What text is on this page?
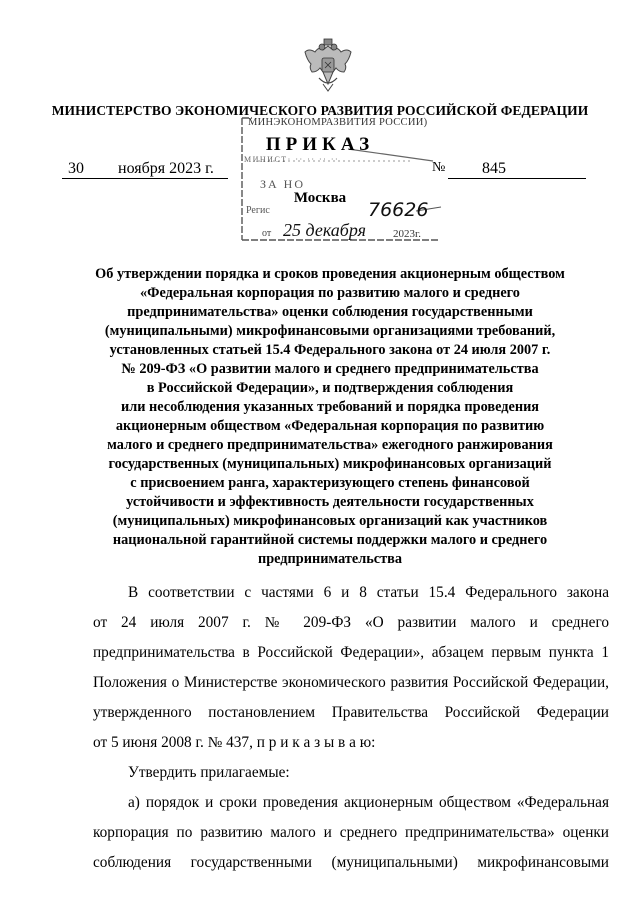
МИНИСТЕРСТВО ЭКОНОМИЧЕСКОГО РАЗВИТИЯ РОССИЙСКОЙ ФЕДЕРАЦИИ
МИНЭКОНОМРАЗВИТИЯ РОССИИ)
МИНИСТ· ·· ·· ·· ··
ЗА НО
Регис	76626
от 25 декабря 2023г.
ПРИКАЗ
30 ноября 2023 г.	№ 845
Москва
Об утверждении порядка и сроков проведения акционерным обществом
«Федеральная корпорация по развитию малого и среднего
предпринимательства» оценки соблюдения государственными
(муниципальными) микрофинансовыми организациями требований,
установленных статьей 15.4 Федерального закона от 24 июля 2007 г.
№ 209-ФЗ «О развитии малого и среднего предпринимательства
в Российской Федерации», и подтверждения соблюдения
или несоблюдения указанных требований и порядка проведения
акционерным обществом «Федеральная корпорация по развитию
малого и среднего предпринимательства» ежегодного ранжирования
государственных (муниципальных) микрофинансовых организаций
с присвоением ранга, характеризующего степень финансовой
устойчивости и эффективность деятельности государственных
(муниципальных) микрофинансовых организаций как участников
национальной гарантийной системы поддержки малого и среднего
предпринимательства
В соответствии с частями 6 и 8 статьи 15.4 Федерального закона
от 24 июля 2007 г. № 209-ФЗ «О развитии малого и среднего
предпринимательства в Российской Федерации», абзацем первым пункта 1
Положения о Министерстве экономического развития Российской Федерации,
утвержденного постановлением Правительства Российской Федерации
от 5 июня 2008 г. № 437, п р и к а з ы в а ю:
Утвердить прилагаемые:
а) порядок и сроки проведения акционерным обществом «Федеральная
корпорация по развитию малого и среднего предпринимательства» оценки
соблюдения государственными (муниципальными) микрофинансовыми
